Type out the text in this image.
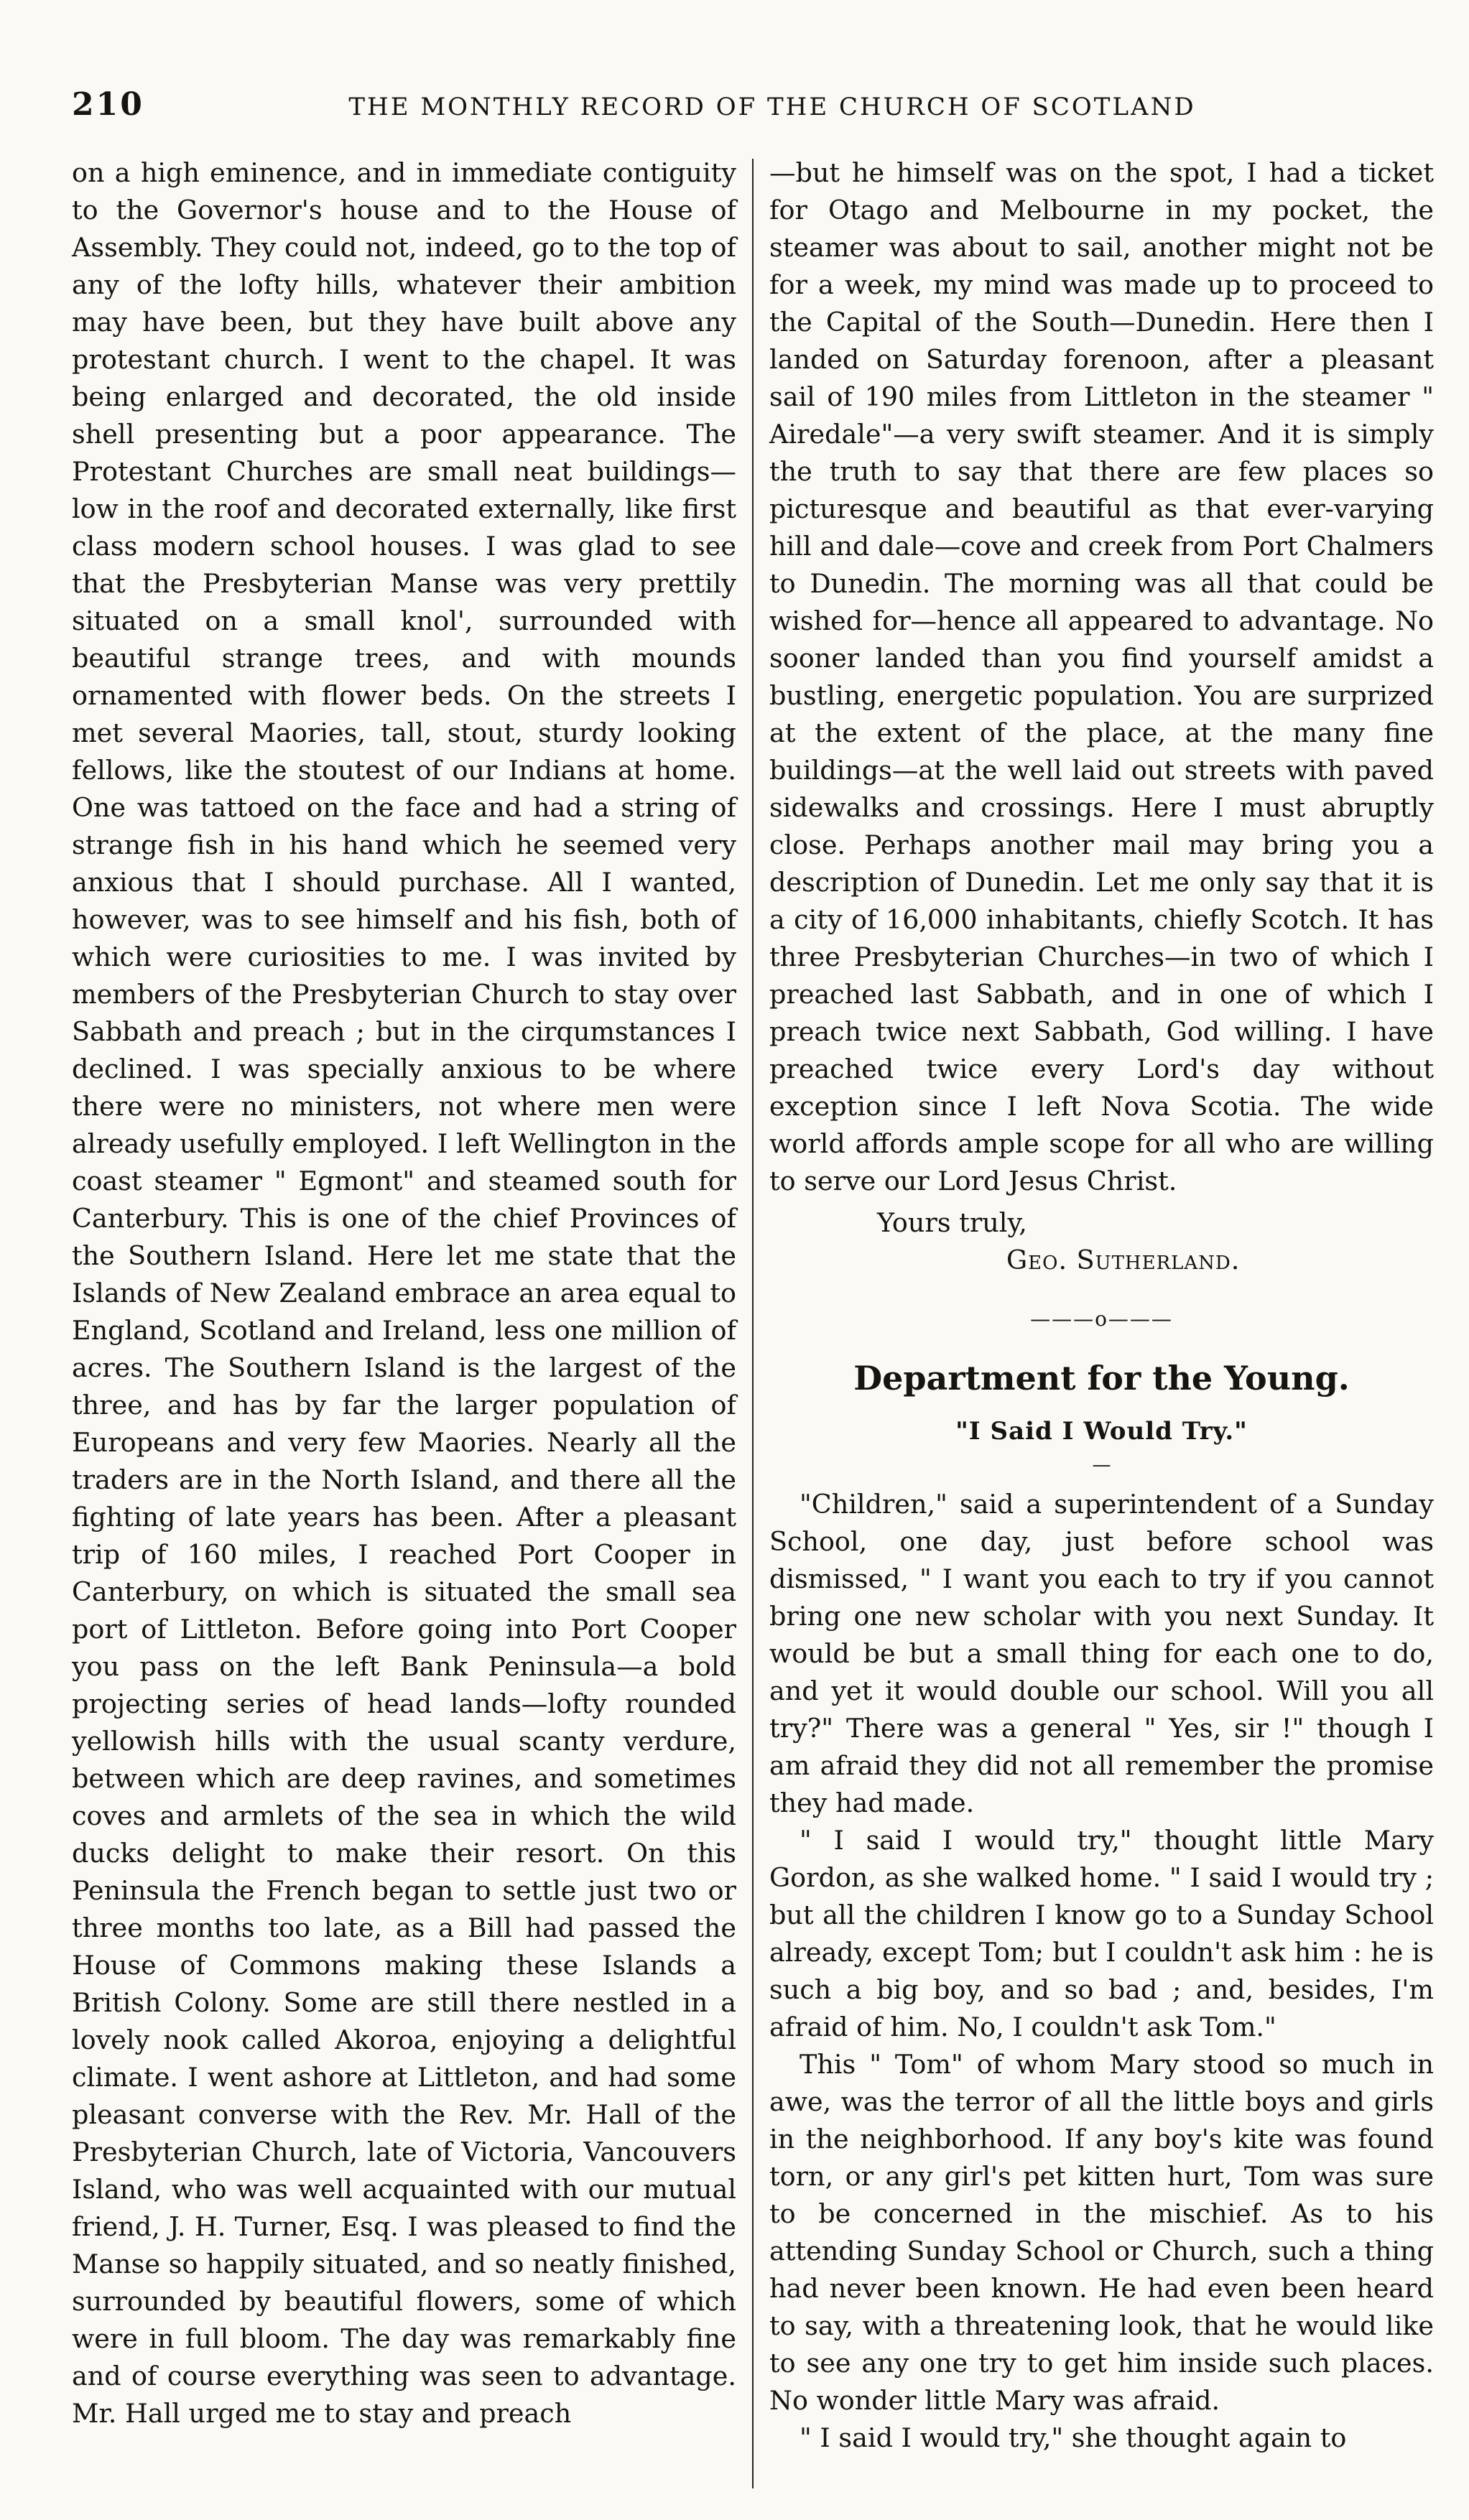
210	THE MONTHLY RECORD OF THE CHURCH OF SCOTLAND

on a high eminence, and in immediate contiguity to the Governor's house and to the House of Assembly. They could not, indeed, go to the top of any of the lofty hills, whatever their ambition may have been, but they have built above any protestant church. I went to the chapel. It was being enlarged and decorated, the old inside shell presenting but a poor appearance. The Protestant Churches are small neat buildings—low in the roof and decorated externally, like first class modern school houses. I was glad to see that the Presbyterian Manse was very prettily situated on a small knol', surrounded with beautiful strange trees, and with mounds ornamented with flower beds. On the streets I met several Maories, tall, stout, sturdy looking fellows, like the stoutest of our Indians at home. One was tattoed on the face and had a string of strange fish in his hand which he seemed very anxious that I should purchase. All I wanted, however, was to see himself and his fish, both of which were curiosities to me. I was invited by members of the Presbyterian Church to stay over Sabbath and preach ; but in the cirqumstances I declined. I was specially anxious to be where there were no ministers, not where men were already usefully employed. I left Wellington in the coast steamer " Egmont" and steamed south for Canterbury. This is one of the chief Provinces of the Southern Island. Here let me state that the Islands of New Zealand embrace an area equal to England, Scotland and Ireland, less one million of acres. The Southern Island is the largest of the three, and has by far the larger population of Europeans and very few Maories. Nearly all the traders are in the North Island, and there all the fighting of late years has been. After a pleasant trip of 160 miles, I reached Port Cooper in Canterbury, on which is situated the small sea port of Littleton. Before going into Port Cooper you pass on the left Bank Peninsula—a bold projecting series of head lands—lofty rounded yellowish hills with the usual scanty verdure, between which are deep ravines, and sometimes coves and armlets of the sea in which the wild ducks delight to make their resort. On this Peninsula the French began to settle just two or three months too late, as a Bill had passed the House of Commons making these Islands a British Colony. Some are still there nestled in a lovely nook called Akoroa, enjoying a delightful climate. I went ashore at Littleton, and had some pleasant converse with the Rev. Mr. Hall of the Presbyterian Church, late of Victoria, Vancouvers Island, who was well acquainted with our mutual friend, J. H. Turner, Esq. I was pleased to find the Manse so happily situated, and so neatly finished, surrounded by beautiful flowers, some of which were in full bloom. The day was remarkably fine and of course everything was seen to advantage. Mr. Hall urged me to stay and preach

—but he himself was on the spot, I had a ticket for Otago and Melbourne in my pocket, the steamer was about to sail, another might not be for a week, my mind was made up to proceed to the Capital of the South—Dunedin. Here then I landed on Saturday forenoon, after a pleasant sail of 190 miles from Littleton in the steamer " Airedale"—a very swift steamer. And it is simply the truth to say that there are few places so picturesque and beautiful as that ever-varying hill and dale—cove and creek from Port Chalmers to Dunedin. The morning was all that could be wished for—hence all appeared to advantage. No sooner landed than you find yourself amidst a bustling, energetic population. You are surprized at the extent of the place, at the many fine buildings—at the well laid out streets with paved sidewalks and crossings. Here I must abruptly close. Perhaps another mail may bring you a description of Dunedin. Let me only say that it is a city of 16,000 inhabitants, chiefly Scotch. It has three Presbyterian Churches—in two of which I preached last Sabbath, and in one of which I preach twice next Sabbath, God willing. I have preached twice every Lord's day without exception since I left Nova Scotia. The wide world affords ample scope for all who are willing to serve our Lord Jesus Christ.

Yours truly,

Geo. Sutherland.

———o———
Department for the Young.
"I Said I Would Try."
—

"Children," said a superintendent of a Sunday School, one day, just before school was dismissed, " I want you each to try if you cannot bring one new scholar with you next Sunday. It would be but a small thing for each one to do, and yet it would double our school. Will you all try?" There was a general " Yes, sir !" though I am afraid they did not all remember the promise they had made.

" I said I would try," thought little Mary Gordon, as she walked home. " I said I would try ; but all the children I know go to a Sunday School already, except Tom; but I couldn't ask him : he is such a big boy, and so bad ; and, besides, I'm afraid of him. No, I couldn't ask Tom."

This " Tom" of whom Mary stood so much in awe, was the terror of all the little boys and girls in the neighborhood. If any boy's kite was found torn, or any girl's pet kitten hurt, Tom was sure to be concerned in the mischief. As to his attending Sunday School or Church, such a thing had never been known. He had even been heard to say, with a threatening look, that he would like to see any one try to get him inside such places. No wonder little Mary was afraid.

" I said I would try," she thought again to
